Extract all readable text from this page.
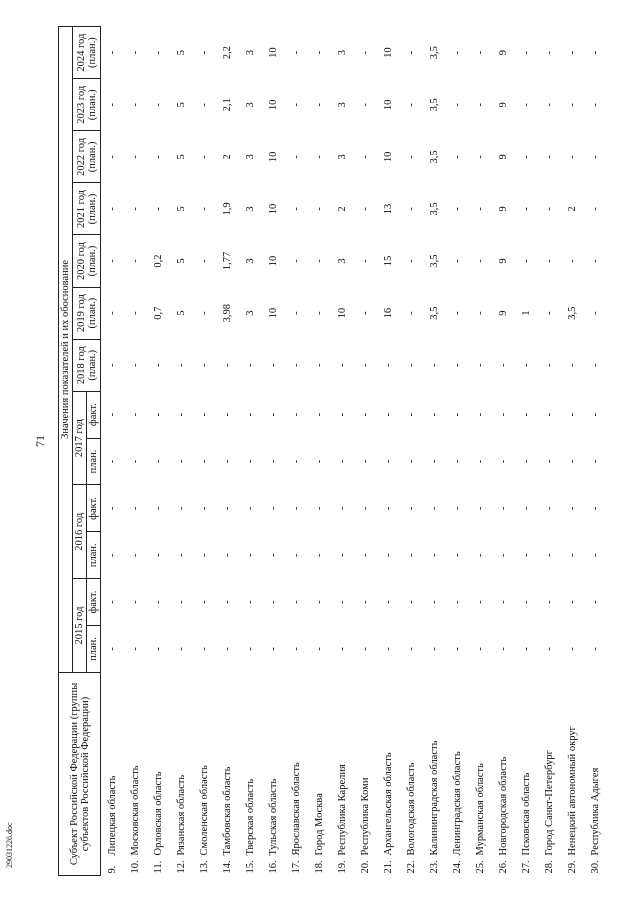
71
29031226.doc	Субъект Российской Федерации (группы субъектов Российской Федерации)	Значения показателей и их обоснование												
	2015 год		2016 год		2017 год		2018 год (план.)	2019 год (план.)	2020 год (план.)	2021 год (план.)	2022 год (план.)	2023 год (план.)	2024 год (план.)
	план.	факт.	план.	факт.	план.	факт.							
9.Липецкая область	-	-	-	-	-	-	-	-	-	-	-	-	-
10.Московская область	-	-	-	-	-	-	-	-	-	-	-	-	-
11.Орловская область	-	-	-	-	-	-	-	0,7	0,2	-	-	-	-
12.Рязанская область	-	-	-	-	-	-	-	5	5	5	5	5	5
13.Смоленская область	-	-	-	-	-	-	-	-	-	-	-	-	-
14.Тамбовская область	-	-	-	-	-	-	-	3,98	1,77	1,9	2	2,1	2,2
15.Тверская область	-	-	-	-	-	-	-	3	3	3	3	3	3
16.Тульская область	-	-	-	-	-	-	-	10	10	10	10	10	10
17.Ярославская область	-	-	-	-	-	-	-	-	-	-	-	-	-
18.Город Москва	-	-	-	-	-	-	-	-	-	-	-	-	-
19.Республика Карелия	-	-	-	-	-	-	-	10	3	2	3	3	3
20.Республика Коми	-	-	-	-	-	-	-	-	-	-	-	-	-
21.Архангельская область	-	-	-	-	-	-	-	16	15	13	10	10	10
22.Вологодская область	-	-	-	-	-	-	-	-	-	-	-	-	-
23.Калининградская область	-	-	-	-	-	-	-	3,5	3,5	3,5	3,5	3,5	3,5
24.Ленинградская область	-	-	-	-	-	-	-	-	-	-	-	-	-
25.Мурманская область	-	-	-	-	-	-	-	-	-	-	-	-	-
26.Новгородская область	-	-	-	-	-	-	-	9	9	9	9	9	9
27.Псковская область	-	-	-	-	-	-	-	1	-	-	-	-	-
28.Город Санкт-Петербург	-	-	-	-	-	-	-	-	-	-	-	-	-
29.Ненецкий автономный округ	-	-	-	-	-	-	-	3,5	-	2	-	-	-
30.Республика Адыгея	-	-	-	-	-	-	-	-	-	-	-	-	-
